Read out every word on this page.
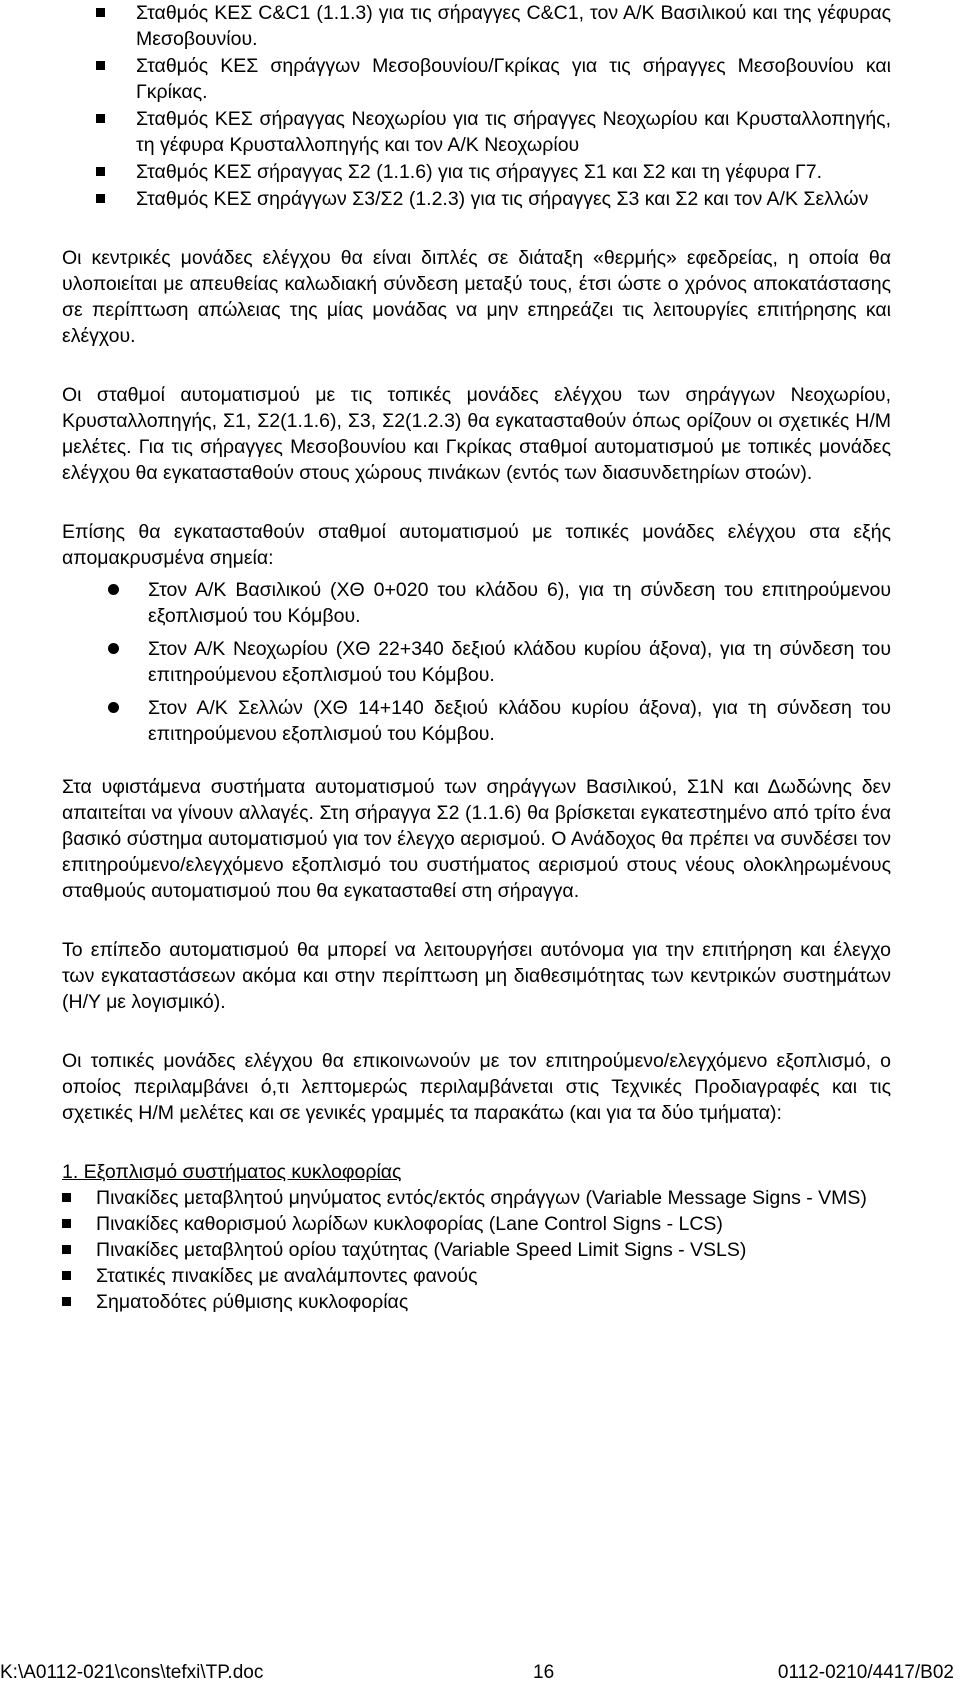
Σταθμός ΚΕΣ C&C1 (1.1.3) για τις σήραγγες C&C1, τον Α/Κ Βασιλικού και της γέφυρας Μεσοβουνίου.
Σταθμός ΚΕΣ σηράγγων Μεσοβουνίου/Γκρίκας για τις σήραγγες Μεσοβουνίου και Γκρίκας.
Σταθμός ΚΕΣ σήραγγας Νεοχωρίου για τις σήραγγες Νεοχωρίου και Κρυσταλλοπηγής, τη γέφυρα Κρυσταλλοπηγής και τον Α/Κ Νεοχωρίου
Σταθμός ΚΕΣ σήραγγας Σ2 (1.1.6) για τις σήραγγες Σ1 και Σ2 και τη γέφυρα Γ7.
Σταθμός ΚΕΣ σηράγγων Σ3/Σ2 (1.2.3) για τις σήραγγες Σ3 και Σ2 και τον Α/Κ Σελλών

Οι κεντρικές μονάδες ελέγχου θα είναι διπλές σε διάταξη «θερμής» εφεδρείας, η οποία θα υλοποιείται με απευθείας καλωδιακή σύνδεση μεταξύ τους, έτσι ώστε ο χρόνος αποκατάστασης σε περίπτωση απώλειας της μίας μονάδας να μην επηρεάζει τις λειτουργίες επιτήρησης και ελέγχου.

Οι σταθμοί αυτοματισμού με τις τοπικές μονάδες ελέγχου των σηράγγων Νεοχωρίου, Κρυσταλλοπηγής, Σ1, Σ2(1.1.6), Σ3, Σ2(1.2.3) θα εγκατασταθούν όπως ορίζουν οι σχετικές Η/Μ μελέτες. Για τις σήραγγες Μεσοβουνίου και Γκρίκας σταθμοί αυτοματισμού με τοπικές μονάδες ελέγχου θα εγκατασταθούν στους χώρους πινάκων (εντός των διασυνδετηρίων στοών).

Επίσης θα εγκατασταθούν σταθμοί αυτοματισμού με τοπικές μονάδες ελέγχου στα εξής απομακρυσμένα σημεία:

Στον Α/Κ Βασιλικού (ΧΘ 0+020 του κλάδου 6), για τη σύνδεση του επιτηρούμενου εξοπλισμού του Κόμβου.
Στον Α/Κ Νεοχωρίου (ΧΘ 22+340 δεξιού κλάδου κυρίου άξονα), για τη σύνδεση του επιτηρούμενου εξοπλισμού του Κόμβου.
Στον Α/Κ Σελλών (ΧΘ 14+140 δεξιού κλάδου κυρίου άξονα), για τη σύνδεση του επιτηρούμενου εξοπλισμού του Κόμβου.

Στα υφιστάμενα συστήματα αυτοματισμού των σηράγγων Βασιλικού, Σ1Ν και Δωδώνης δεν απαιτείται να γίνουν αλλαγές. Στη σήραγγα Σ2 (1.1.6) θα βρίσκεται εγκατεστημένο από τρίτο ένα βασικό σύστημα αυτοματισμού για τον έλεγχο αερισμού. Ο Ανάδοχος θα πρέπει να συνδέσει τον επιτηρούμενο/ελεγχόμενο εξοπλισμό του συστήματος αερισμού στους νέους ολοκληρωμένους σταθμούς αυτοματισμού που θα εγκατασταθεί στη σήραγγα.

Το επίπεδο αυτοματισμού θα μπορεί να λειτουργήσει αυτόνομα για την επιτήρηση και έλεγχο των εγκαταστάσεων ακόμα και στην περίπτωση μη διαθεσιμότητας των κεντρικών συστημάτων (Η/Υ με λογισμικό).

Οι τοπικές μονάδες ελέγχου θα επικοινωνούν με τον επιτηρούμενο/ελεγχόμενο εξοπλισμό, ο οποίος περιλαμβάνει ό,τι λεπτομερώς περιλαμβάνεται στις Τεχνικές Προδιαγραφές και τις σχετικές Η/Μ μελέτες και σε γενικές γραμμές τα παρακάτω (και για τα δύο τμήματα):

1. Εξοπλισμό συστήματος κυκλοφορίας

Πινακίδες μεταβλητού μηνύματος εντός/εκτός σηράγγων (Variable Message Signs - VMS)
Πινακίδες καθορισμού λωρίδων κυκλοφορίας (Lane Control Signs - LCS)
Πινακίδες μεταβλητού ορίου ταχύτητας (Variable Speed Limit Signs - VSLS)
Στατικές πινακίδες με αναλάμποντες φανούς
Σηματοδότες ρύθμισης κυκλοφορίας
K:\A0112-021\cons\tefxi\TP.doc	16	0112-0210/4417/B02
